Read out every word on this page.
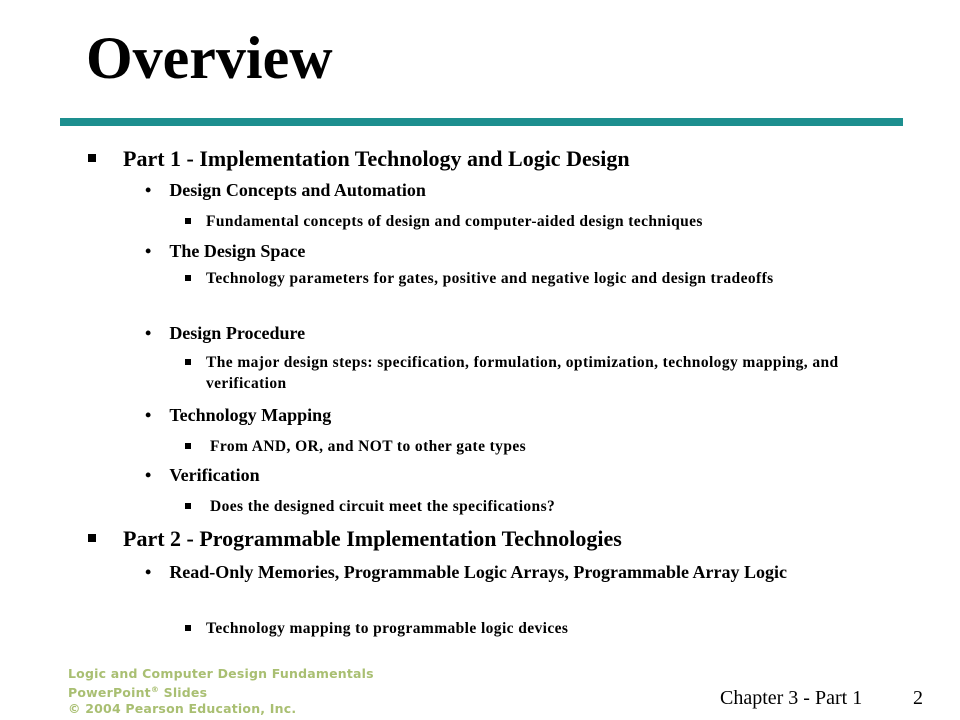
Overview
Part 1 - Implementation Technology and Logic Design
• Design Concepts and Automation
Fundamental concepts of design and computer-aided design techniques
• The Design Space
Technology parameters for gates, positive and negative logic and design tradeoffs
• Design Procedure
The major design steps: specification, formulation, optimization, technology mapping, and verification
• Technology Mapping
From AND, OR, and NOT to other gate types
• Verification
Does the designed circuit meet the specifications?
Part 2 - Programmable Implementation Technologies
• Read-Only Memories, Programmable Logic Arrays, Programmable Array Logic
Technology mapping to programmable logic devices
Logic and Computer Design Fundamentals
PowerPoint® Slides
© 2004 Pearson Education, Inc.	Chapter 3 - Part 1	2
